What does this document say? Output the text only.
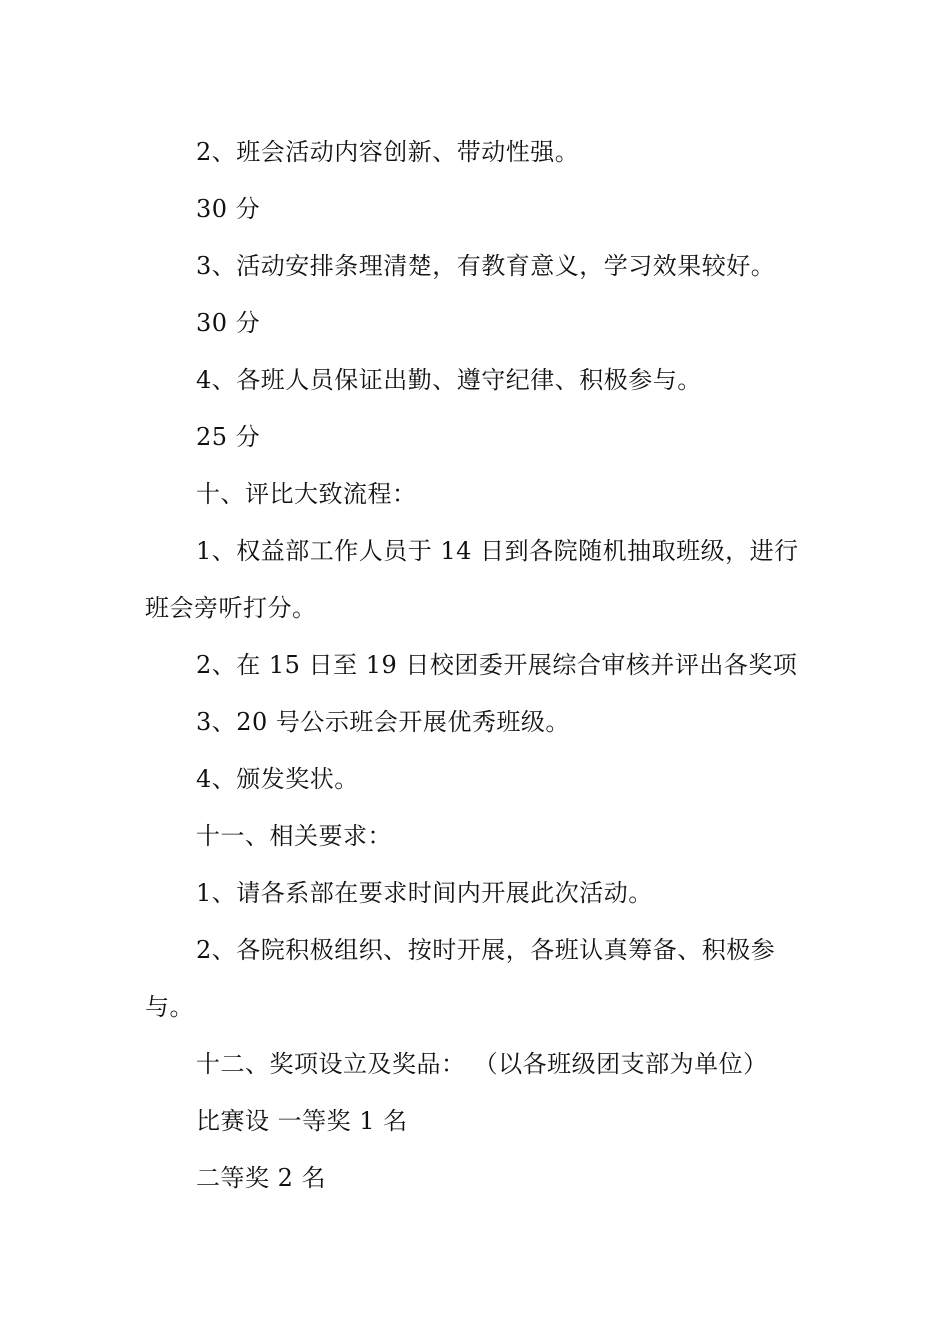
2、班会活动内容创新、带动性强。
30 分
3、活动安排条理清楚，有教育意义，学习效果较好。
30 分
4、各班人员保证出勤、遵守纪律、积极参与。
25 分
十、评比大致流程：
1、权益部工作人员于 14 日到各院随机抽取班级，进行
班会旁听打分。
2、在 15 日至 19 日校团委开展综合审核并评出各奖项
3、20 号公示班会开展优秀班级。
4、颁发奖状。
十一、相关要求：
1、请各系部在要求时间内开展此次活动。
2、各院积极组织、按时开展，各班认真筹备、积极参
与。
十二、奖项设立及奖品： （以各班级团支部为单位）
比赛设 一等奖 1 名
二等奖 2 名
